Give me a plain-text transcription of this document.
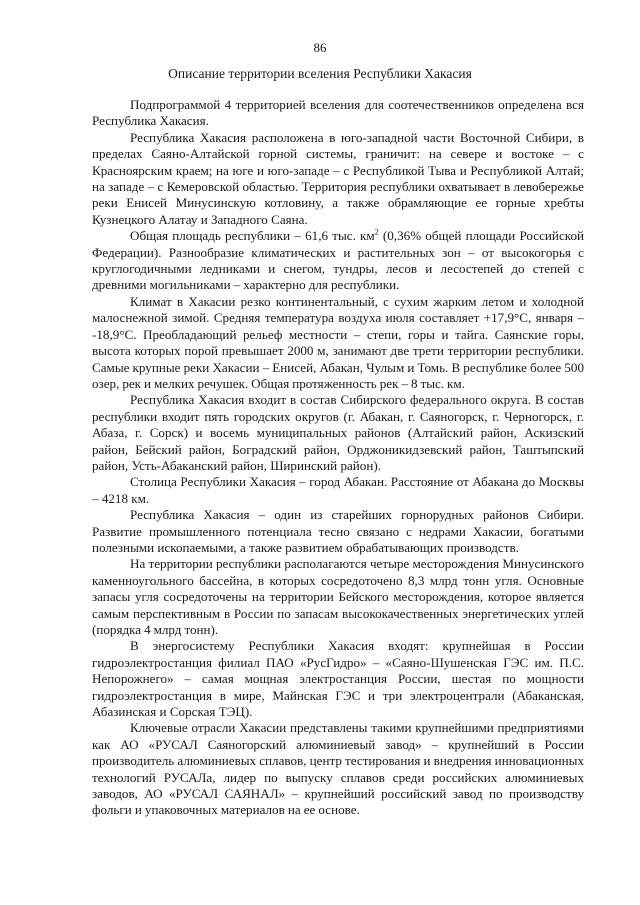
86
Описание территории вселения Республики Хакасия

Подпрограммой 4 территорией вселения для соотечественников определена вся Республика Хакасия.

Республика Хакасия расположена в юго-западной части Восточной Сибири, в пределах Саяно-Алтайской горной системы, граничит: на севере и востоке – с Красноярским краем; на юге и юго-западе – с Республикой Тыва и Республикой Алтай; на западе – с Кемеровской областью. Территория республики охватывает в левобережье реки Енисей Минусинскую котловину, а также обрамляющие ее горные хребты Кузнецкого Алатау и Западного Саяна.

Общая площадь республики – 61,6 тыс. $км^2$ (0,36% общей площади Российской Федерации). Разнообразие климатических и растительных зон – от высокогорья с круглогодичными ледниками и снегом, тундры, лесов и лесостепей до степей с древними могильниками – характерно для республики.

Климат в Хакасии резко континентальный, с сухим жарким летом и холодной малоснежной зимой. Средняя температура воздуха июля составляет +17,9°С, января – -18,9°С. Преобладающий рельеф местности – степи, горы и тайга. Саянские горы, высота которых порой превышает 2000 м, занимают две трети территории республики. Самые крупные реки Хакасии – Енисей, Абакан, Чулым и Томь. В республике более 500 озер, рек и мелких речушек. Общая протяженность рек – 8 тыс. км.

Республика Хакасия входит в состав Сибирского федерального округа. В состав республики входит пять городских округов (г. Абакан, г. Саяногорск, г. Черногорск, г. Абаза, г. Сорск) и восемь муниципальных районов (Алтайский район, Аскизский район, Бейский район, Боградский район, Орджоникидзевский район, Таштыпский район, Усть-Абаканский район, Ширинский район).

Столица Республики Хакасия – город Абакан. Расстояние от Абакана до Москвы – 4218 км.

Республика Хакасия – один из старейших горнорудных районов Сибири. Развитие промышленного потенциала тесно связано с недрами Хакасии, богатыми полезными ископаемыми, а также развитием обрабатывающих производств.

На территории республики располагаются четыре месторождения Минусинского каменноугольного бассейна, в которых сосредоточено 8,3 млрд тонн угля. Основные запасы угля сосредоточены на территории Бейского месторождения, которое является самым перспективным в России по запасам высококачественных энергетических углей (порядка 4 млрд тонн).

В энергосистему Республики Хакасия входят: крупнейшая в России гидроэлектростанция филиал ПАО «РусГидро» – «Саяно-Шушенская ГЭС им. П.С. Непорожнего» – самая мощная электростанция России, шестая по мощности гидроэлектростанция в мире, Майнская ГЭС и три электроцентрали (Абаканская, Абазинская и Сорская ТЭЦ).

Ключевые отрасли Хакасии представлены такими крупнейшими предприятиями как АО «РУСАЛ Саяногорский алюминиевый завод» – крупнейший в России производитель алюминиевых сплавов, центр тестирования и внедрения инновационных технологий РУСАЛа, лидер по выпуску сплавов среди российских алюминиевых заводов, АО «РУСАЛ САЯНАЛ» – крупнейший российский завод по производству фольги и упаковочных материалов на ее основе.

·
·
·
